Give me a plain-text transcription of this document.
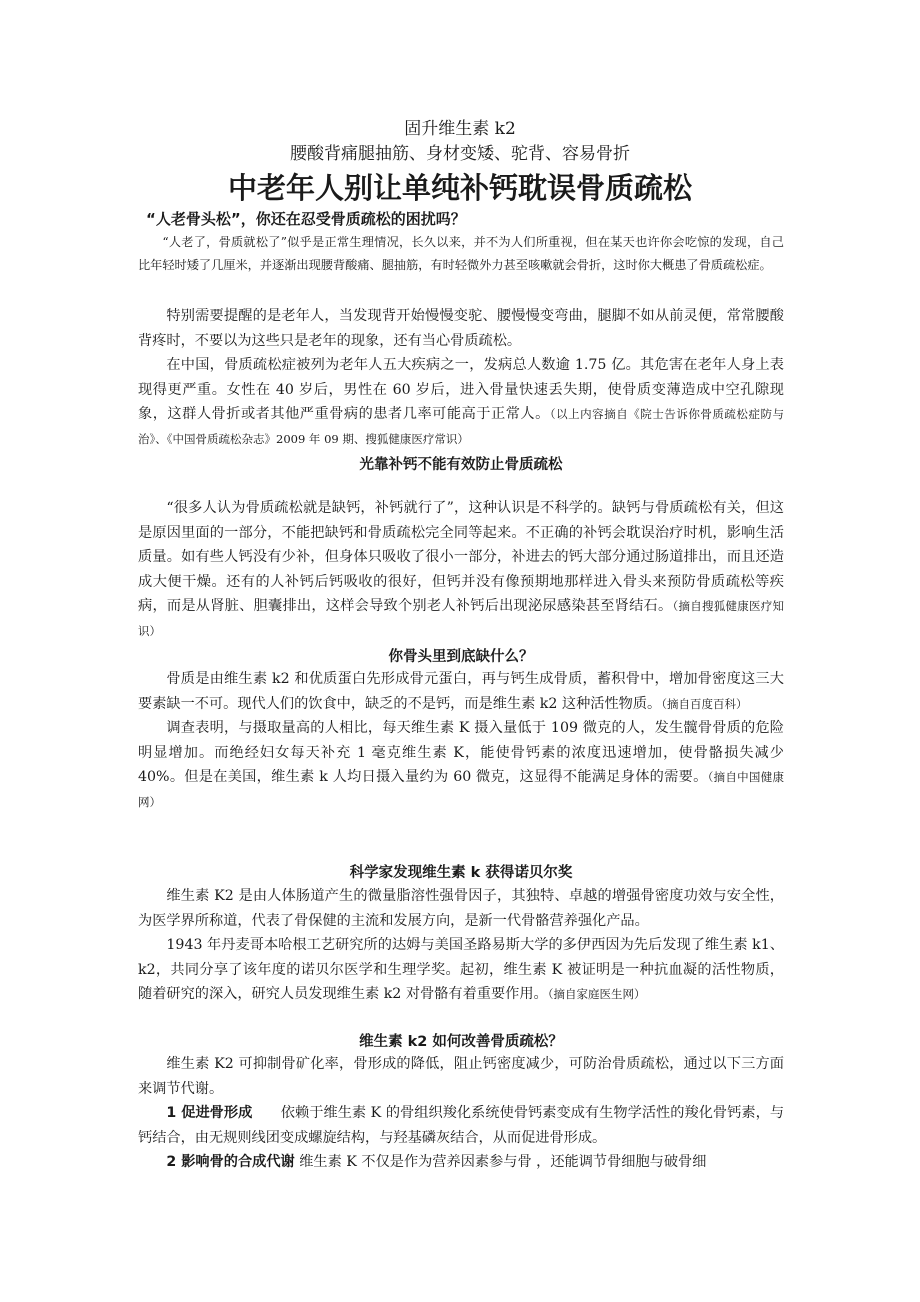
固升维生素 k2
腰酸背痛腿抽筋、身材变矮、驼背、容易骨折
中老年人别让单纯补钙耽误骨质疏松
“人老骨头松”，你还在忍受骨质疏松的困扰吗？

“人老了，骨质就松了”似乎是正常生理情况，长久以来，并不为人们所重视，但在某天也许你会吃惊的发现，自己比年轻时矮了几厘米，并逐渐出现腰背酸痛、腿抽筋，有时轻微外力甚至咳嗽就会骨折，这时你大概患了骨质疏松症。

特别需要提醒的是老年人，当发现背开始慢慢变驼、腰慢慢变弯曲，腿脚不如从前灵便，常常腰酸背疼时，不要以为这些只是老年的现象，还有当心骨质疏松。

在中国，骨质疏松症被列为老年人五大疾病之一，发病总人数逾 1.75 亿。其危害在老年人身上表现得更严重。女性在 40 岁后，男性在 60 岁后，进入骨量快速丢失期，使骨质变薄造成中空孔隙现象，这群人骨折或者其他严重骨病的患者几率可能高于正常人。（以上内容摘自《院士告诉你骨质疏松症防与治》、《中国骨质疏松杂志》2009 年 09 期、搜狐健康医疗常识）

光靠补钙不能有效防止骨质疏松

“很多人认为骨质疏松就是缺钙，补钙就行了”，这种认识是不科学的。缺钙与骨质疏松有关，但这是原因里面的一部分，不能把缺钙和骨质疏松完全同等起来。不正确的补钙会耽误治疗时机，影响生活质量。如有些人钙没有少补，但身体只吸收了很小一部分，补进去的钙大部分通过肠道排出，而且还造成大便干燥。还有的人补钙后钙吸收的很好，但钙并没有像预期地那样进入骨头来预防骨质疏松等疾病，而是从肾脏、胆囊排出，这样会导致个别老人补钙后出现泌尿感染甚至肾结石。（摘自搜狐健康医疗知识）

你骨头里到底缺什么？

骨质是由维生素 k2 和优质蛋白先形成骨元蛋白，再与钙生成骨质，蓄积骨中，增加骨密度这三大要素缺一不可。现代人们的饮食中，缺乏的不是钙，而是维生素 k2 这种活性物质。（摘自百度百科）

调查表明，与摄取量高的人相比，每天维生素 K 摄入量低于 109 微克的人，发生髋骨骨质的危险明显增加。而绝经妇女每天补充 1 毫克维生素 K，能使骨钙素的浓度迅速增加，使骨骼损失减少 40%。但是在美国，维生素 k 人均日摄入量约为 60 微克，这显得不能满足身体的需要。（摘自中国健康网）

科学家发现维生素 k 获得诺贝尔奖

维生素 K2 是由人体肠道产生的微量脂溶性强骨因子，其独特、卓越的增强骨密度功效与安全性，为医学界所称道，代表了骨保健的主流和发展方向，是新一代骨骼营养强化产品。

1943 年丹麦哥本哈根工艺研究所的达姆与美国圣路易斯大学的多伊西因为先后发现了维生素 k1、k2，共同分享了该年度的诺贝尔医学和生理学奖。起初，维生素 K 被证明是一种抗血凝的活性物质，随着研究的深入，研究人员发现维生素 k2 对骨骼有着重要作用。（摘自家庭医生网）

维生素 k2 如何改善骨质疏松？

维生素 K2 可抑制骨矿化率，骨形成的降低，阻止钙密度减少，可防治骨质疏松，通过以下三方面来调节代谢。

1 促进骨形成　　依赖于维生素 K 的骨组织羧化系统使骨钙素变成有生物学活性的羧化骨钙素，与钙结合，由无规则线团变成螺旋结构，与羟基磷灰结合，从而促进骨形成。

2 影响骨的合成代谢 维生素 K 不仅是作为营养因素参与骨 ，还能调节骨细胞与破骨细
